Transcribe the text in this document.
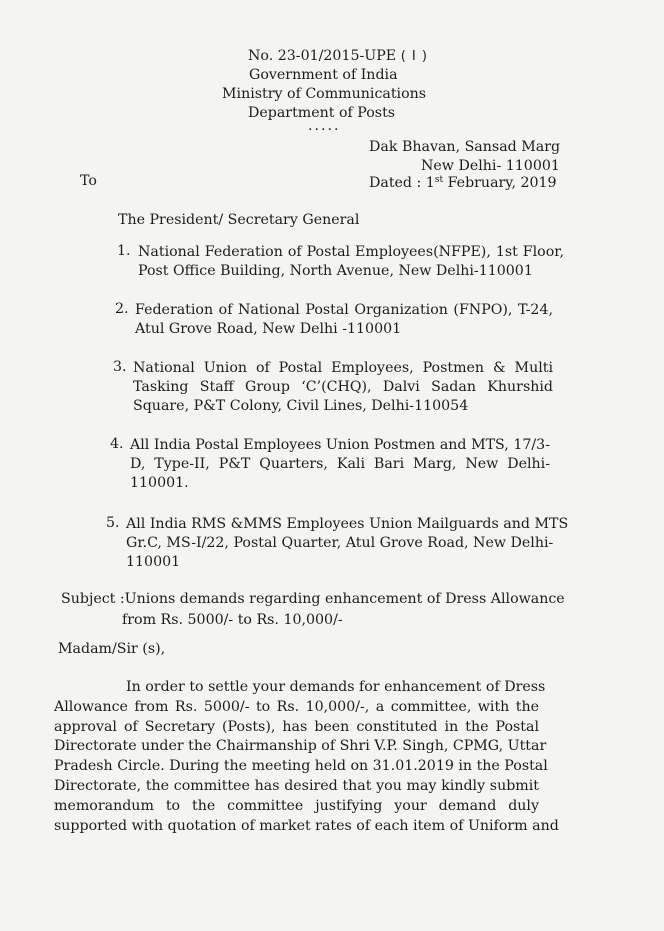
No. 23-01/2015-UPE ( I )
Government of India
Ministry of Communications
Department of Posts
.....
Dak Bhavan, Sansad Marg
New Delhi- 110001
To	Dated : 1st February, 2019
The President/ Secretary General
1. National Federation of Postal Employees(NFPE), 1st Floor,
Post Office Building, North Avenue, New Delhi-110001
2. Federation of National Postal Organization (FNPO), T-24,
Atul Grove Road, New Delhi -110001
3. National Union of Postal Employees, Postmen & Multi
Tasking Staff Group ‘C’(CHQ), Dalvi Sadan Khurshid
Square, P&T Colony, Civil Lines, Delhi-110054
4. All India Postal Employees Union Postmen and MTS, 17/3-
D, Type-II, P&T Quarters, Kali Bari Marg, New Delhi-
110001.
5. All India RMS &MMS Employees Union Mailguards and MTS
Gr.C, MS-I/22, Postal Quarter, Atul Grove Road, New Delhi-
110001
Subject :Unions demands regarding enhancement of Dress Allowance
from Rs. 5000/- to Rs. 10,000/-
Madam/Sir (s),
In order to settle your demands for enhancement of Dress
Allowance from Rs. 5000/- to Rs. 10,000/-, a committee, with the
approval of Secretary (Posts), has been constituted in the Postal
Directorate under the Chairmanship of Shri V.P. Singh, CPMG, Uttar
Pradesh Circle. During the meeting held on 31.01.2019 in the Postal
Directorate, the committee has desired that you may kindly submit
memorandum to the committee justifying your demand duly
supported with quotation of market rates of each item of Uniform and
